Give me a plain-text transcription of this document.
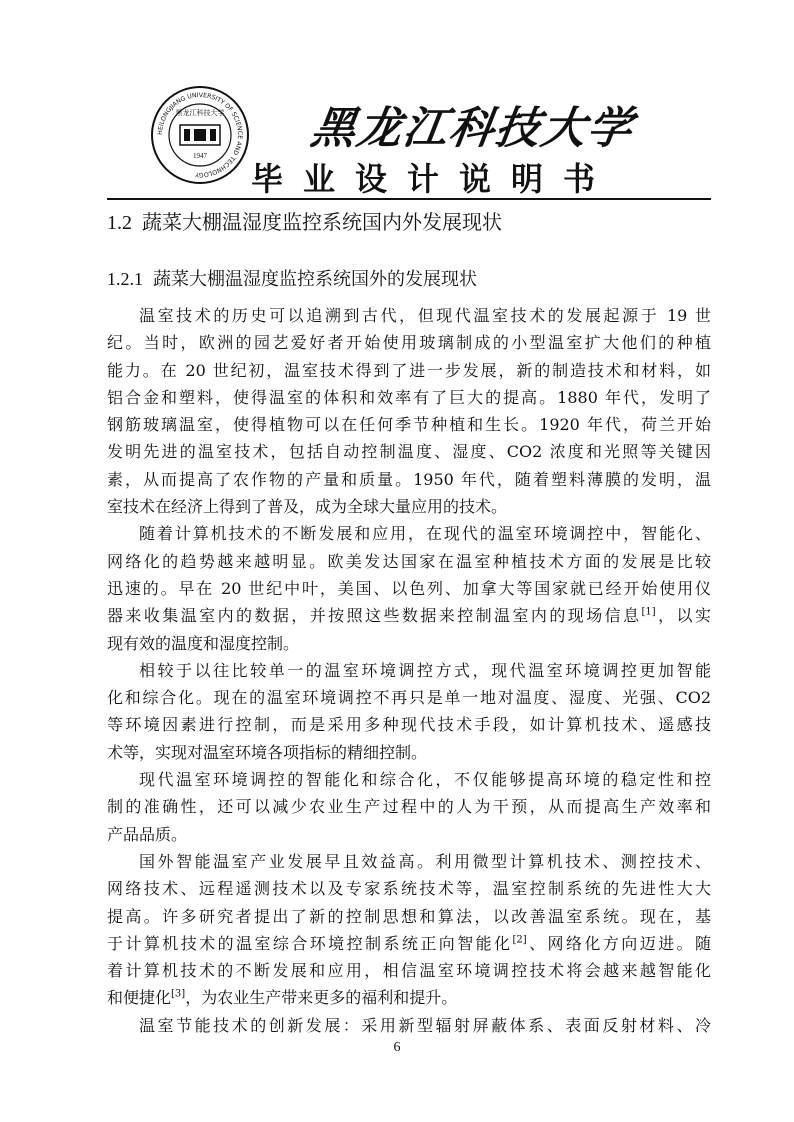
HEILONGJIANG UNIVERSITY OF SCIENCE AND TECHNOLOGY
黑龙江科技大学
1947
黑龙江科技大学
毕业设计说明书
1.2 蔬菜大棚温湿度监控系统国内外发展现状
1.2.1 蔬菜大棚温湿度监控系统国外的发展现状
温室技术的历史可以追溯到古代，但现代温室技术的发展起源于 19 世
纪。当时，欧洲的园艺爱好者开始使用玻璃制成的小型温室扩大他们的种植
能力。在 20 世纪初，温室技术得到了进一步发展，新的制造技术和材料，如
铝合金和塑料，使得温室的体积和效率有了巨大的提高。1880 年代，发明了
钢筋玻璃温室，使得植物可以在任何季节种植和生长。1920 年代，荷兰开始
发明先进的温室技术，包括自动控制温度、湿度、CO2 浓度和光照等关键因
素，从而提高了农作物的产量和质量。1950 年代，随着塑料薄膜的发明，温
室技术在经济上得到了普及，成为全球大量应用的技术。
随着计算机技术的不断发展和应用，在现代的温室环境调控中，智能化、
网络化的趋势越来越明显。欧美发达国家在温室种植技术方面的发展是比较
迅速的。早在 20 世纪中叶，美国、以色列、加拿大等国家就已经开始使用仪
器来收集温室内的数据，并按照这些数据来控制温室内的现场信息[1]，以实
现有效的温度和湿度控制。
相较于以往比较单一的温室环境调控方式，现代温室环境调控更加智能
化和综合化。现在的温室环境调控不再只是单一地对温度、湿度、光强、CO2
等环境因素进行控制，而是采用多种现代技术手段，如计算机技术、遥感技
术等，实现对温室环境各项指标的精细控制。
现代温室环境调控的智能化和综合化，不仅能够提高环境的稳定性和控
制的准确性，还可以减少农业生产过程中的人为干预，从而提高生产效率和
产品品质。
国外智能温室产业发展早且效益高。利用微型计算机技术、测控技术、
网络技术、远程遥测技术以及专家系统技术等，温室控制系统的先进性大大
提高。许多研究者提出了新的控制思想和算法，以改善温室系统。现在，基
于计算机技术的温室综合环境控制系统正向智能化[2]、网络化方向迈进。随
着计算机技术的不断发展和应用，相信温室环境调控技术将会越来越智能化
和便捷化[3]，为农业生产带来更多的福利和提升。
温室节能技术的创新发展：采用新型辐射屏蔽体系、表面反射材料、冷
6
